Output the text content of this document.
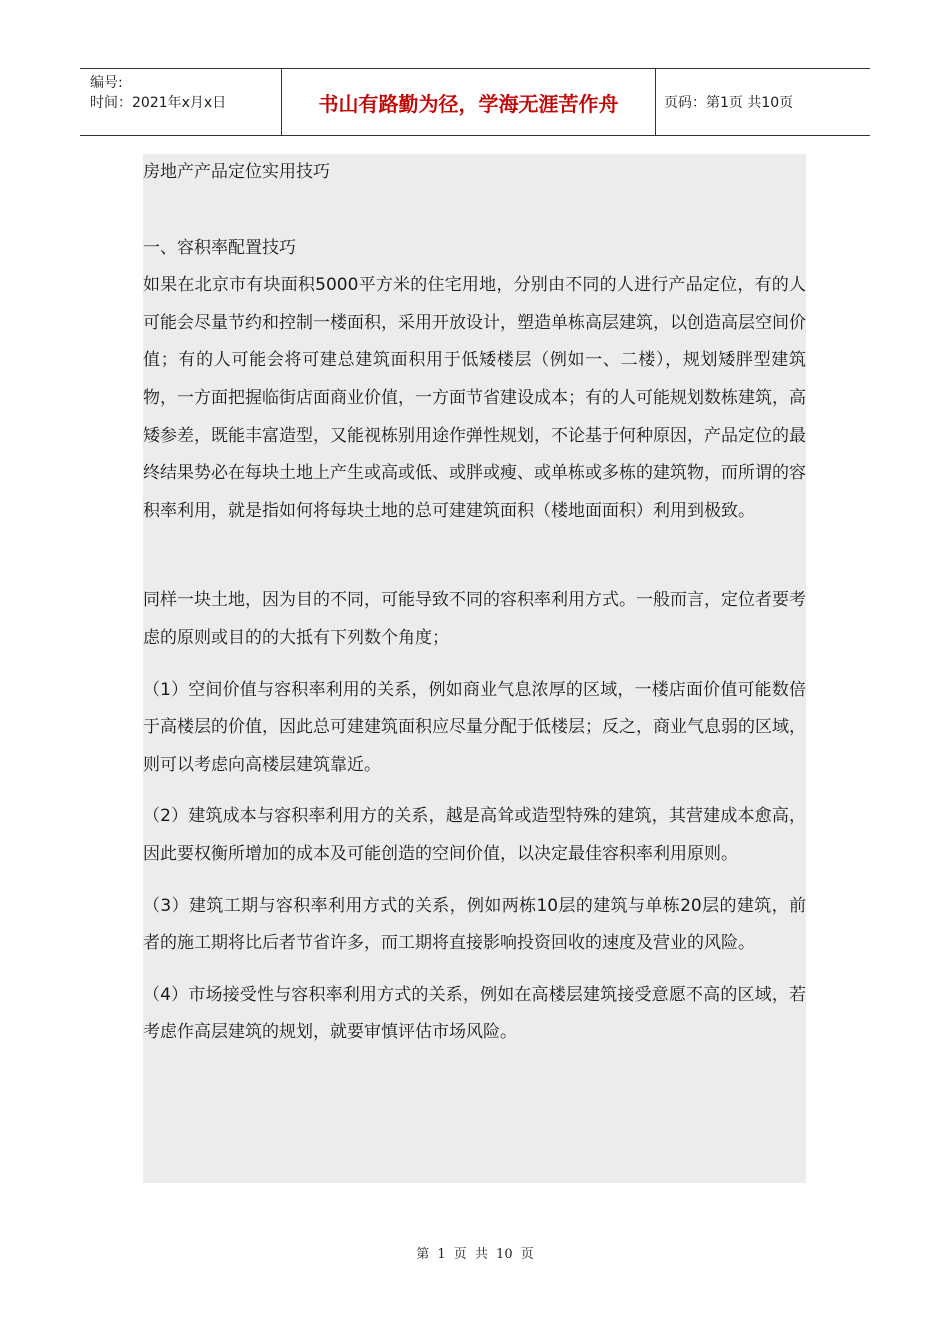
编号:
时间：2021年x月x日	书山有路勤为径，学海无涯苦作舟	页码：第1页 共10页

房地产产品定位实用技巧

一、容积率配置技巧

如果在北京市有块面积5000平方米的住宅用地，分别由不同的人进行产品定位，有的人可能会尽量节约和控制一楼面积，采用开放设计，塑造单栋高层建筑，以创造高层空间价值；有的人可能会将可建总建筑面积用于低矮楼层（例如一、二楼），规划矮胖型建筑物，一方面把握临街店面商业价值，一方面节省建设成本；有的人可能规划数栋建筑，高矮参差，既能丰富造型，又能视栋别用途作弹性规划，不论基于何种原因，产品定位的最终结果势必在每块土地上产生或高或低、或胖或瘦、或单栋或多栋的建筑物，而所谓的容积率利用，就是指如何将每块土地的总可建建筑面积（楼地面面积）利用到极致。

同样一块土地，因为目的不同，可能导致不同的容积率利用方式。一般而言，定位者要考虑的原则或目的的大抵有下列数个角度；

（1）空间价值与容积率利用的关系，例如商业气息浓厚的区域，一楼店面价值可能数倍于高楼层的价值，因此总可建建筑面积应尽量分配于低楼层；反之，商业气息弱的区域，则可以考虑向高楼层建筑靠近。

（2）建筑成本与容积率利用方的关系，越是高耸或造型特殊的建筑，其营建成本愈高，因此要权衡所增加的成本及可能创造的空间价值，以决定最佳容积率利用原则。

（3）建筑工期与容积率利用方式的关系，例如两栋10层的建筑与单栋20层的建筑，前者的施工期将比后者节省许多，而工期将直接影响投资回收的速度及营业的风险。

（4）市场接受性与容积率利用方式的关系，例如在高楼层建筑接受意愿不高的区域，若考虑作高层建筑的规划，就要审慎评估市场风险。

第 1 页 共 10 页
